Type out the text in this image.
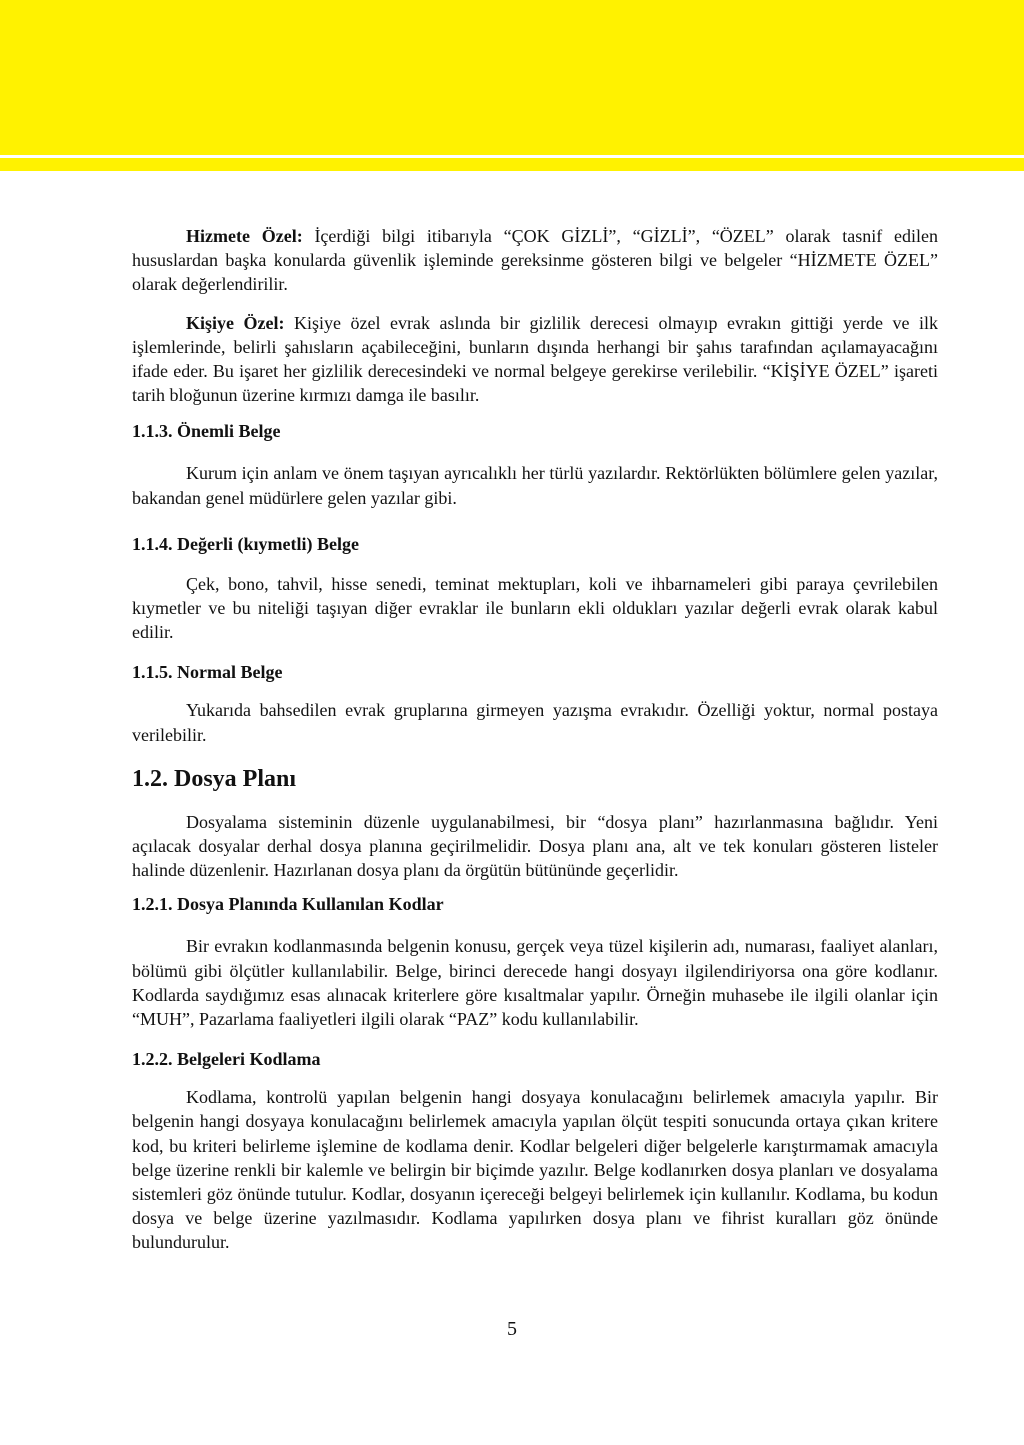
Hizmete Özel: İçerdiği bilgi itibarıyla “ÇOK GİZLİ”, “GİZLİ”, “ÖZEL” olarak tasnif edilen hususlardan başka konularda güvenlik işleminde gereksinme gösteren bilgi ve belgeler “HİZMETE ÖZEL” olarak değerlendirilir.

Kişiye Özel: Kişiye özel evrak aslında bir gizlilik derecesi olmayıp evrakın gittiği yerde ve ilk işlemlerinde, belirli şahısların açabileceğini, bunların dışında herhangi bir şahıs tarafından açılamayacağını ifade eder. Bu işaret her gizlilik derecesindeki ve normal belgeye gerekirse verilebilir. “KİŞİYE ÖZEL” işareti tarih bloğunun üzerine kırmızı damga ile basılır.

1.1.3. Önemli Belge

Kurum için anlam ve önem taşıyan ayrıcalıklı her türlü yazılardır. Rektörlükten bölümlere gelen yazılar, bakandan genel müdürlere gelen yazılar gibi.

1.1.4. Değerli (kıymetli) Belge

Çek, bono, tahvil, hisse senedi, teminat mektupları, koli ve ihbarnameleri gibi paraya çevrilebilen kıymetler ve bu niteliği taşıyan diğer evraklar ile bunların ekli oldukları yazılar değerli evrak olarak kabul edilir.

1.1.5. Normal Belge

Yukarıda bahsedilen evrak gruplarına girmeyen yazışma evrakıdır. Özelliği yoktur, normal postaya verilebilir.

1.2. Dosya Planı

Dosyalama sisteminin düzenle uygulanabilmesi, bir “dosya planı” hazırlanmasına bağlıdır. Yeni açılacak dosyalar derhal dosya planına geçirilmelidir. Dosya planı ana, alt ve tek konuları gösteren listeler halinde düzenlenir. Hazırlanan dosya planı da örgütün bütününde geçerlidir.

1.2.1. Dosya Planında Kullanılan Kodlar

Bir evrakın kodlanmasında belgenin konusu, gerçek veya tüzel kişilerin adı, numarası, faaliyet alanları, bölümü gibi ölçütler kullanılabilir. Belge, birinci derecede hangi dosyayı ilgilendiriyorsa ona göre kodlanır. Kodlarda saydığımız esas alınacak kriterlere göre kısaltmalar yapılır. Örneğin muhasebe ile ilgili olanlar için “MUH”, Pazarlama faaliyetleri ilgili olarak “PAZ” kodu kullanılabilir.

1.2.2. Belgeleri Kodlama

Kodlama, kontrolü yapılan belgenin hangi dosyaya konulacağını belirlemek amacıyla yapılır. Bir belgenin hangi dosyaya konulacağını belirlemek amacıyla yapılan ölçüt tespiti sonucunda ortaya çıkan kritere kod, bu kriteri belirleme işlemine de kodlama denir. Kodlar belgeleri diğer belgelerle karıştırmamak amacıyla belge üzerine renkli bir kalemle ve belirgin bir biçimde yazılır. Belge kodlanırken dosya planları ve dosyalama sistemleri göz önünde tutulur. Kodlar, dosyanın içereceği belgeyi belirlemek için kullanılır. Kodlama, bu kodun dosya ve belge üzerine yazılmasıdır. Kodlama yapılırken dosya planı ve fihrist kuralları göz önünde bulundurulur.

5
